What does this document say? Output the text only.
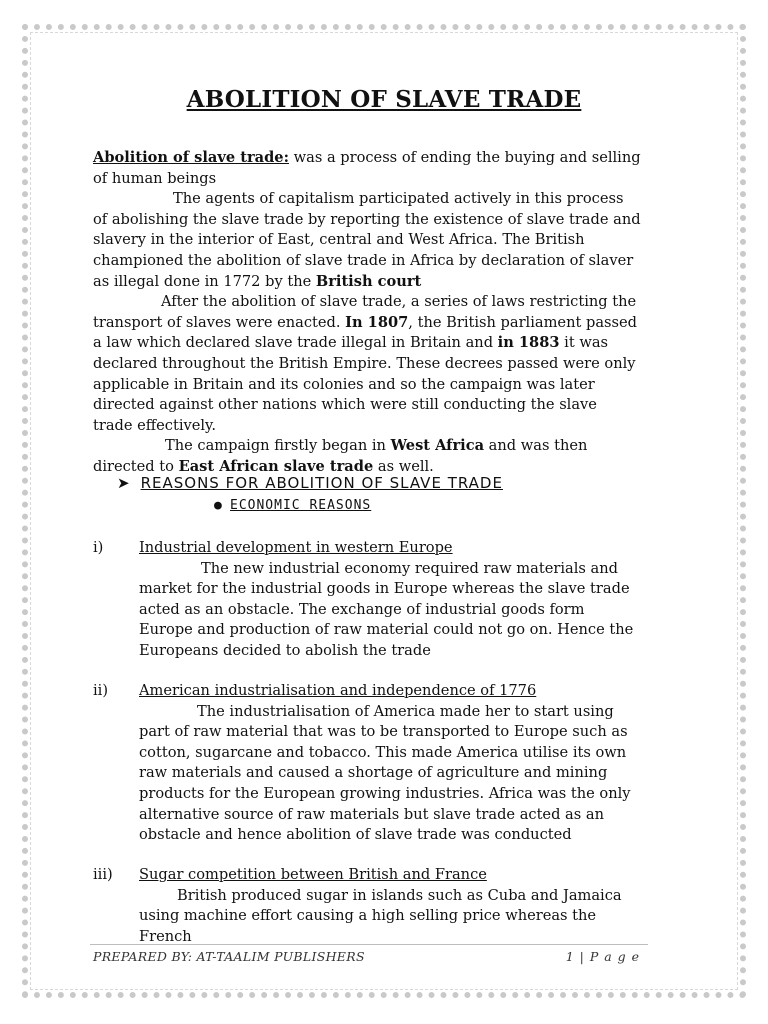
ABOLITION OF SLAVE TRADE

Abolition of slave trade: was a process of ending the buying and selling of human beings

The agents of capitalism participated actively in this process of abolishing the slave trade by reporting the existence of slave trade and slavery in the interior of East, central and West Africa. The British championed the abolition of slave trade in Africa by declaration of slaver as illegal done in 1772 by the British court

After the abolition of slave trade, a series of laws restricting the transport of slaves were enacted. In 1807, the British parliament passed a law which declared slave trade illegal in Britain and in 1883 it was declared throughout the British Empire. These decrees passed were only applicable in Britain and its colonies and so the campaign was later directed against other nations which were still conducting the slave trade effectively.

The campaign firstly began in West Africa and was then directed to East African slave trade as well.

➤ REASONS FOR ABOLITION OF SLAVE TRADE
● ECONOMIC REASONS
i) Industrial development in western Europe

The new industrial economy required raw materials and market for the industrial goods in Europe whereas the slave trade acted as an obstacle. The exchange of industrial goods form Europe and production of raw material could not go on. Hence the Europeans decided to abolish the trade

ii) American industrialisation and independence of 1776

The industrialisation of America made her to start using part of raw material that was to be transported to Europe such as cotton, sugarcane and tobacco. This made America utilise its own raw materials and caused a shortage of agriculture and mining products for the European growing industries. Africa was the only alternative source of raw materials but slave trade acted as an obstacle and hence abolition of slave trade was conducted

iii) Sugar competition between British and France

British produced sugar in islands such as Cuba and Jamaica using machine effort causing a high selling price whereas the French

PREPARED BY: AT-TAALIM PUBLISHERS	1 | P a g e
